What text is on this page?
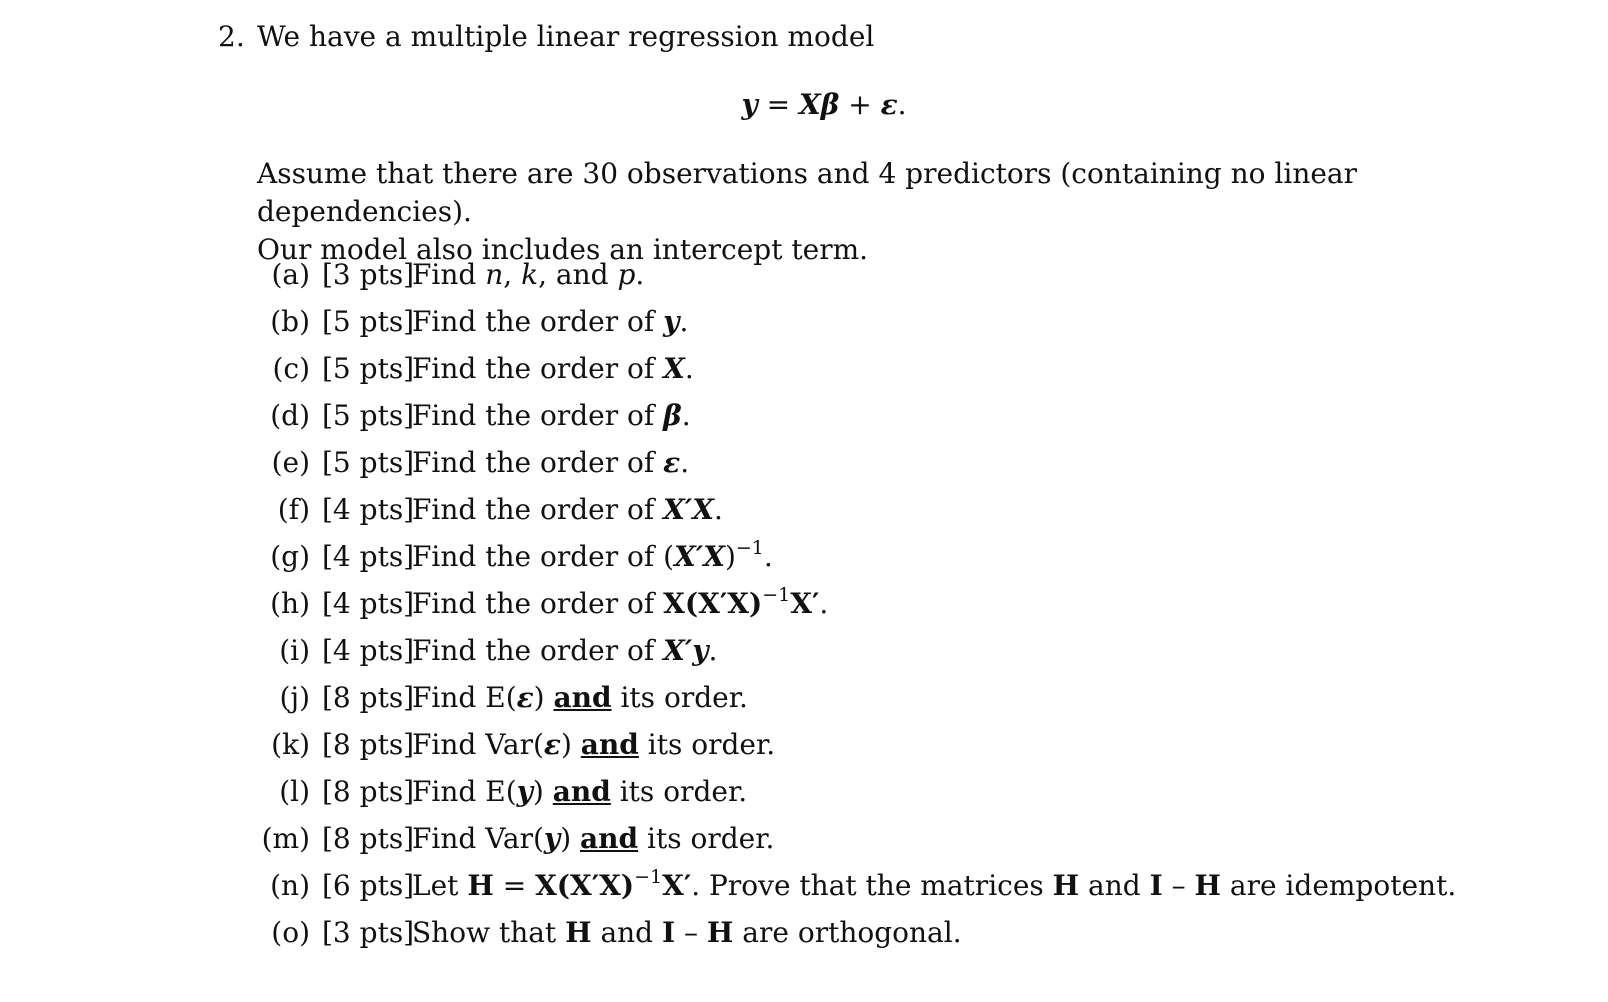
2. We have a multiple linear regression model
y = Xβ + ε.
Assume that there are 30 observations and 4 predictors (containing no linear dependencies).
Our model also includes an intercept term.
(a) [3 pts]
Find n, k, and p.
(b) [5 pts]
Find the order of y.
(c) [5 pts]
Find the order of X.
(d) [5 pts]
Find the order of β.
(e) [5 pts]
Find the order of ε.
(f) [4 pts]
Find the order of X′X.
(g) [4 pts]
Find the order of $(X'X)^{-1}$.
(h) [4 pts]
Find the order of $X(X'X)^{-1}X'$.
(i) [4 pts]
Find the order of X′y.
(j) [8 pts]
Find E(ε) and its order.
(k) [8 pts]
Find Var(ε) and its order.
(l) [8 pts]
Find E(y) and its order.
(m) [8 pts]
Find Var(y) and its order.
(n) [6 pts]
Let $H = X(X'X)^{-1}X'$. Prove that the matrices H and I – H are idempotent.
(o) [3 pts]
Show that H and I – H are orthogonal.
